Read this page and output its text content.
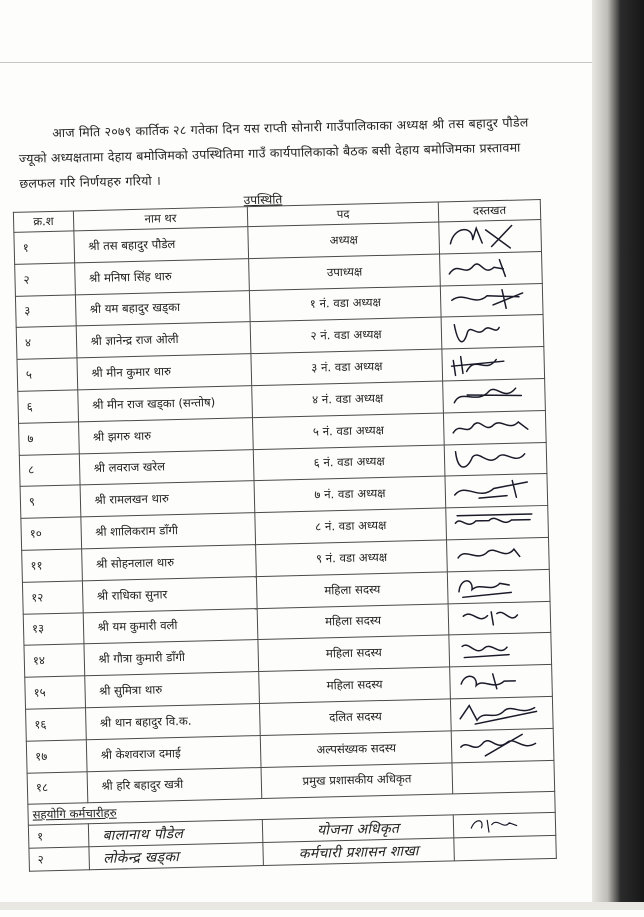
आज मिति २०७९ कार्तिक २८ गतेका दिन यस राप्ती सोनारी गाउँपालिकाका अध्यक्ष श्री तस बहादुर पौडेल ज्यूको अध्यक्षतामा देहाय बमोजिमको उपस्थितिमा गाउँ कार्यपालिकाको बैठक बसी देहाय बमोजिमका प्रस्तावमा छलफल गरि निर्णयहरु गरियो ।

उपस्थिति
क्र.श	नाम थर	पद	दस्तखत
१	श्री तस बहादुर पौडेल	अध्यक्ष	

२	श्री मनिषा सिंह थारु	उपाध्यक्ष	

३	श्री यम बहादुर खड्का	१ नं. वडा अध्यक्ष	

४	श्री ज्ञानेन्द्र राज ओली	२ नं. वडा अध्यक्ष	

५	श्री मीन कुमार थारु	३ नं. वडा अध्यक्ष	

६	श्री मीन राज खड्का (सन्तोष)	४ नं. वडा अध्यक्ष	

७	श्री झगरु थारु	५ नं. वडा अध्यक्ष	

८	श्री लवराज खरेल	६ नं. वडा अध्यक्ष	

९	श्री रामलखन थारु	७ नं. वडा अध्यक्ष	

१०	श्री शालिकराम डाँगी	८ नं. वडा अध्यक्ष	

११	श्री सोहनलाल थारु	९ नं. वडा अध्यक्ष	

१२	श्री राधिका सुनार	महिला सदस्य	

१३	श्री यम कुमारी वली	महिला सदस्य	

१४	श्री गौत्रा कुमारी डाँगी	महिला सदस्य	

१५	श्री सुमित्रा थारु	महिला सदस्य	

१६	श्री थान बहादुर वि.क.	दलित सदस्य	

१७	श्री केशवराज दमाई	अल्पसंख्यक सदस्य	

१८	श्री हरि बहादुर खत्री	प्रमुख प्रशासकीय अधिकृत	
सहयोगि कर्मचारीहरु			
१	बालानाथ पौडेल	योजना अधिकृत	

२	लोकेन्द्र खड्का	कर्मचारी प्रशासन शाखा	
